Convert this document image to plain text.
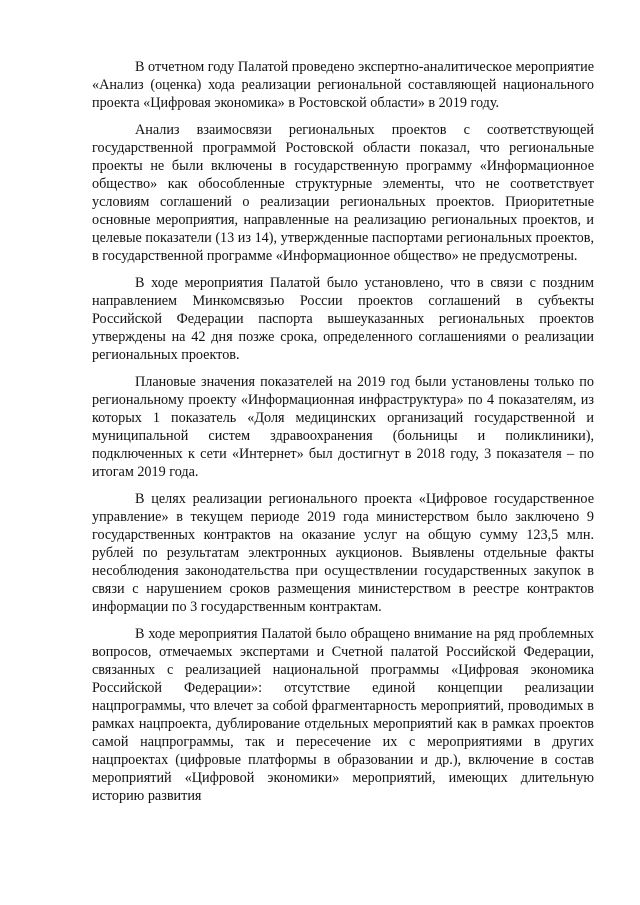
В отчетном году Палатой проведено экспертно-аналитическое мероприятие «Анализ (оценка) хода реализации региональной составляющей национального проекта «Цифровая экономика» в Ростовской области» в 2019 году.

Анализ взаимосвязи региональных проектов с соответствующей государственной программой Ростовской области показал, что региональные проекты не были включены в государственную программу «Информационное общество» как обособленные структурные элементы, что не соответствует условиям соглашений о реализации региональных проектов. Приоритетные основные мероприятия, направленные на реализацию региональных проектов, и целевые показатели (13 из 14), утвержденные паспортами региональных проектов, в государственной программе «Информационное общество» не предусмотрены.

В ходе мероприятия Палатой было установлено, что в связи с поздним направлением Минкомсвязью России проектов соглашений в субъекты Российской Федерации паспорта вышеуказанных региональных проектов утверждены на 42 дня позже срока, определенного соглашениями о реализации региональных проектов.

Плановые значения показателей на 2019 год были установлены только по региональному проекту «Информационная инфраструктура» по 4 показателям, из которых 1 показатель «Доля медицинских организаций государственной и муниципальной систем здравоохранения (больницы и поликлиники), подключенных к сети «Интернет» был достигнут в 2018 году, 3 показателя – по итогам 2019 года.

В целях реализации регионального проекта «Цифровое государственное управление» в текущем периоде 2019 года министерством было заключено 9 государственных контрактов на оказание услуг на общую сумму 123,5 млн. рублей по результатам электронных аукционов. Выявлены отдельные факты несоблюдения законодательства при осуществлении государственных закупок в связи с нарушением сроков размещения министерством в реестре контрактов информации по 3 государственным контрактам.

В ходе мероприятия Палатой было обращено внимание на ряд проблемных вопросов, отмечаемых экспертами и Счетной палатой Российской Федерации, связанных с реализацией национальной программы «Цифровая экономика Российской Федерации»: отсутствие единой концепции реализации нацпрограммы, что влечет за собой фрагментарность мероприятий, проводимых в рамках нацпроекта, дублирование отдельных мероприятий как в рамках проектов самой нацпрограммы, так и пересечение их с мероприятиями в других нацпроектах (цифровые платформы в образовании и др.), включение в состав мероприятий «Цифровой экономики» мероприятий, имеющих длительную историю развития
